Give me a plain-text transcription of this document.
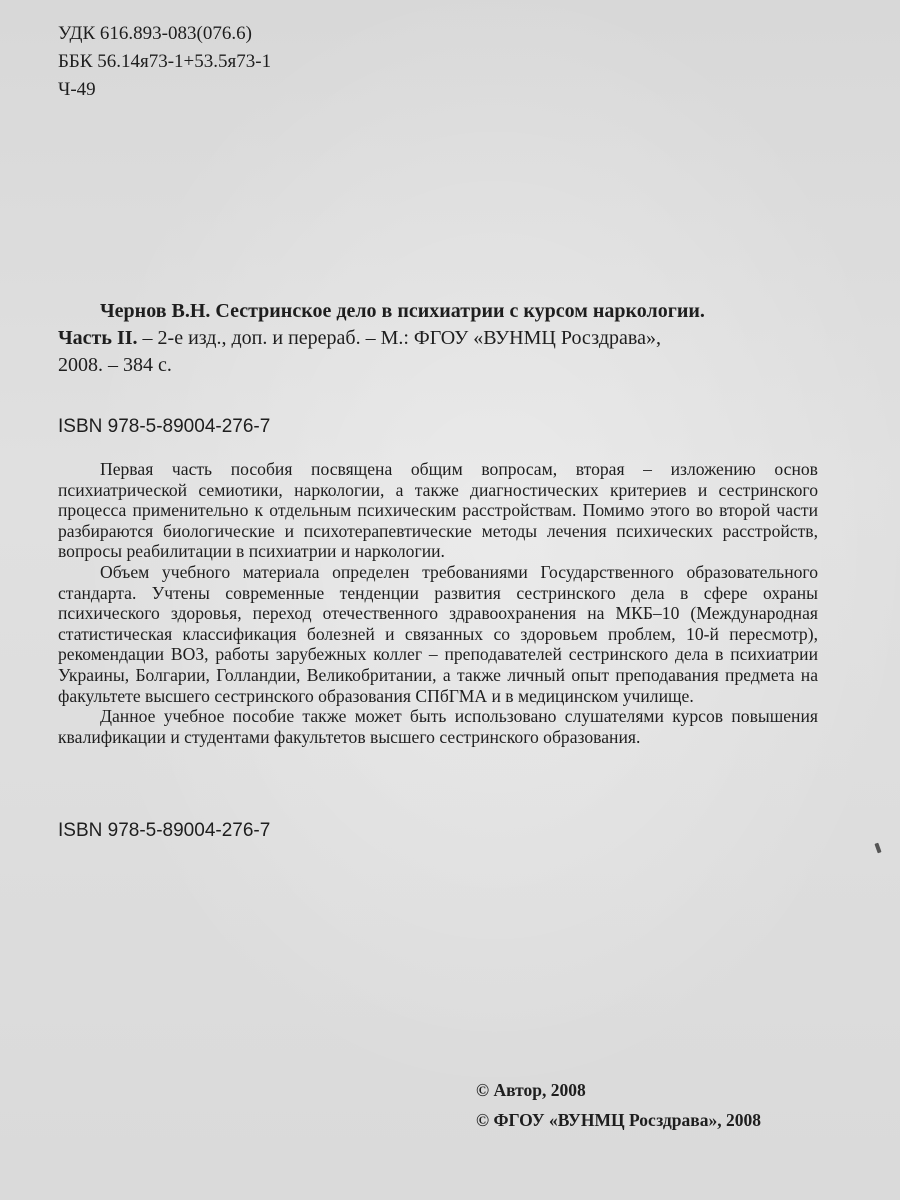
УДК 616.893-083(076.6)
ББК 56.14я73-1+53.5я73-1
Ч-49
Чернов В.Н. Сестринское дело в психиатрии с курсом наркологии.
Часть II. – 2-е изд., доп. и перераб. – М.: ФГОУ «ВУНМЦ Росздрава»,
2008. – 384 с.
ISBN 978-5-89004-276-7

Первая часть пособия посвящена общим вопросам, вторая – изложению основ психиатрической семиотики, наркологии, а также диагностических критериев и сестринского процесса применительно к отдельным психическим расстройствам. Помимо этого во второй части разбираются биологические и психотерапевтические методы лечения психических расстройств, вопросы реабилитации в психиатрии и наркологии.

Объем учебного материала определен требованиями Государственного образовательного стандарта. Учтены современные тенденции развития сестринского дела в сфере охраны психического здоровья, переход отечественного здравоохранения на МКБ–10 (Международная статистическая классификация болезней и связанных со здоровьем проблем, 10-й пересмотр), рекомендации ВОЗ, работы зарубежных коллег – преподавателей сестринского дела в психиатрии Украины, Болгарии, Голландии, Великобритании, а также личный опыт преподавания предмета на факультете высшего сестринского образования СПбГМА и в медицинском училище.

Данное учебное пособие также может быть использовано слушателями курсов повышения квалификации и студентами факультетов высшего сестринского образования.

ISBN 978-5-89004-276-7
© Автор, 2008
© ФГОУ «ВУНМЦ Росздрава», 2008
